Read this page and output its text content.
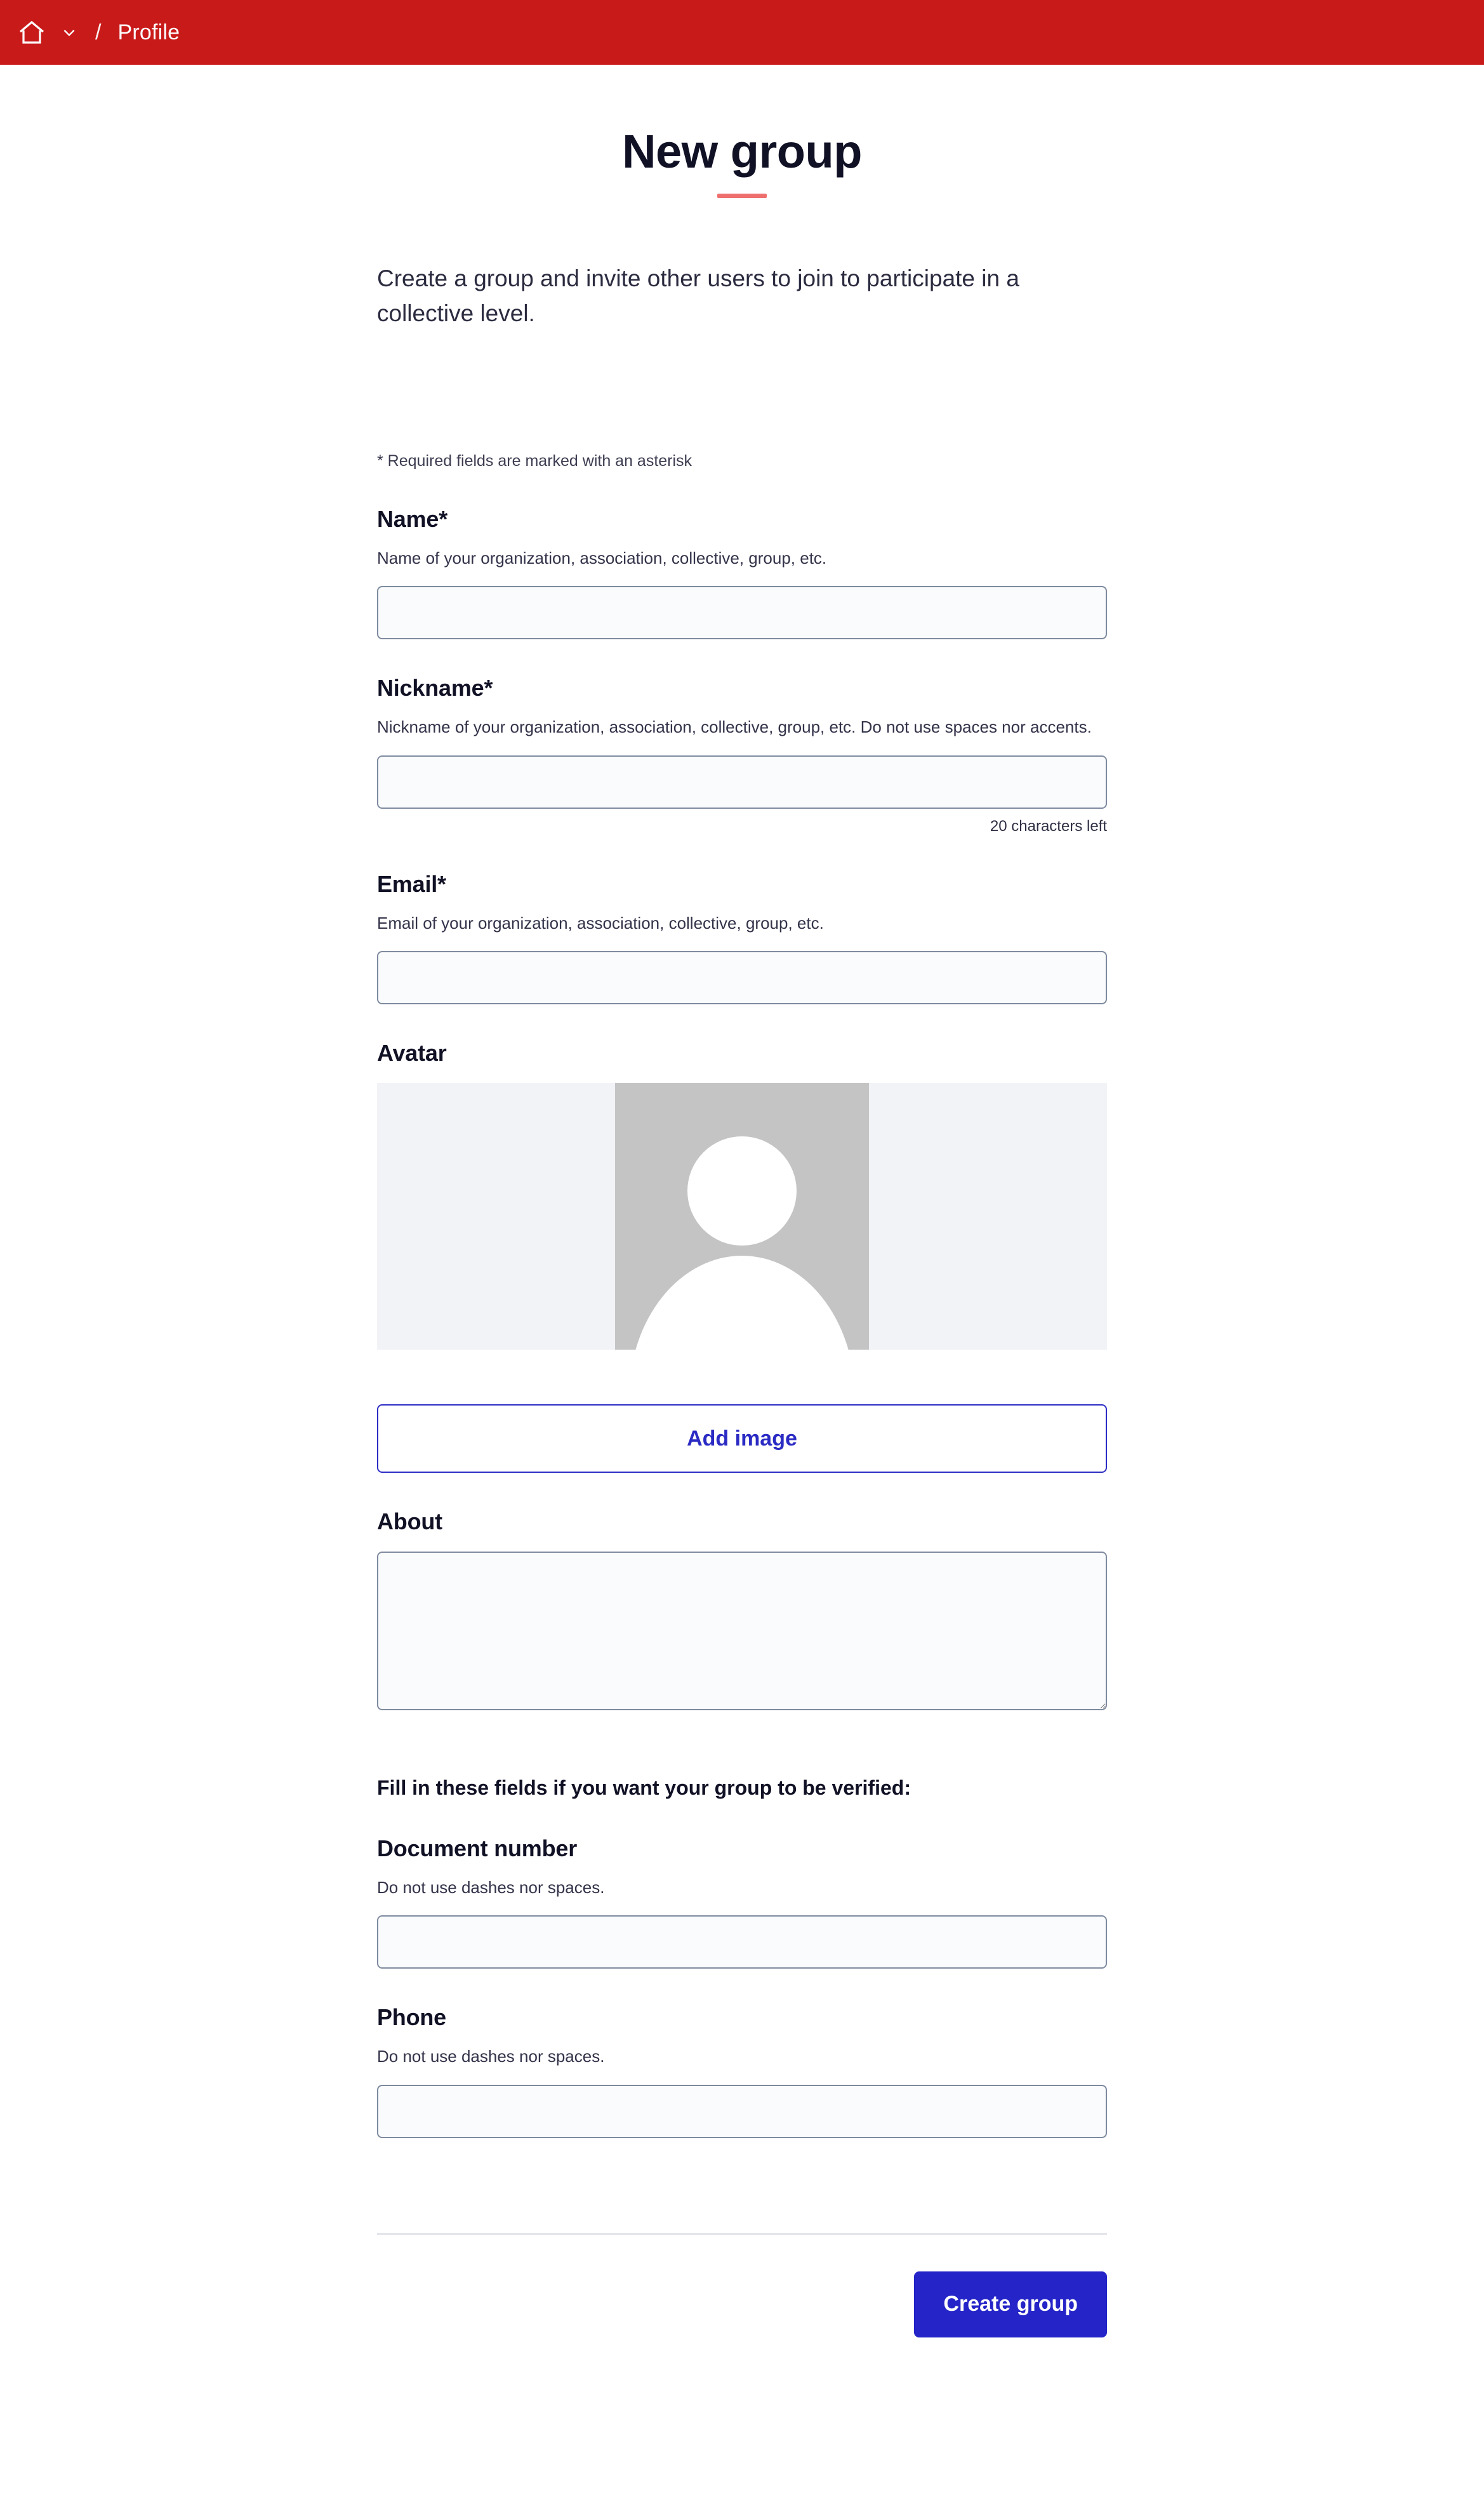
/ Profile
New group

Create a group and invite other users to join to participate in a collective level.

* Required fields are marked with an asterisk

Name*

Name of your organization, association, collective, group, etc.

Nickname*

Nickname of your organization, association, collective, group, etc. Do not use spaces nor accents.

20 characters left

Email*

Email of your organization, association, collective, group, etc.

Avatar

Add image

About

Fill in these fields if you want your group to be verified:

Document number

Do not use dashes nor spaces.

Phone

Do not use dashes nor spaces.

Create group
